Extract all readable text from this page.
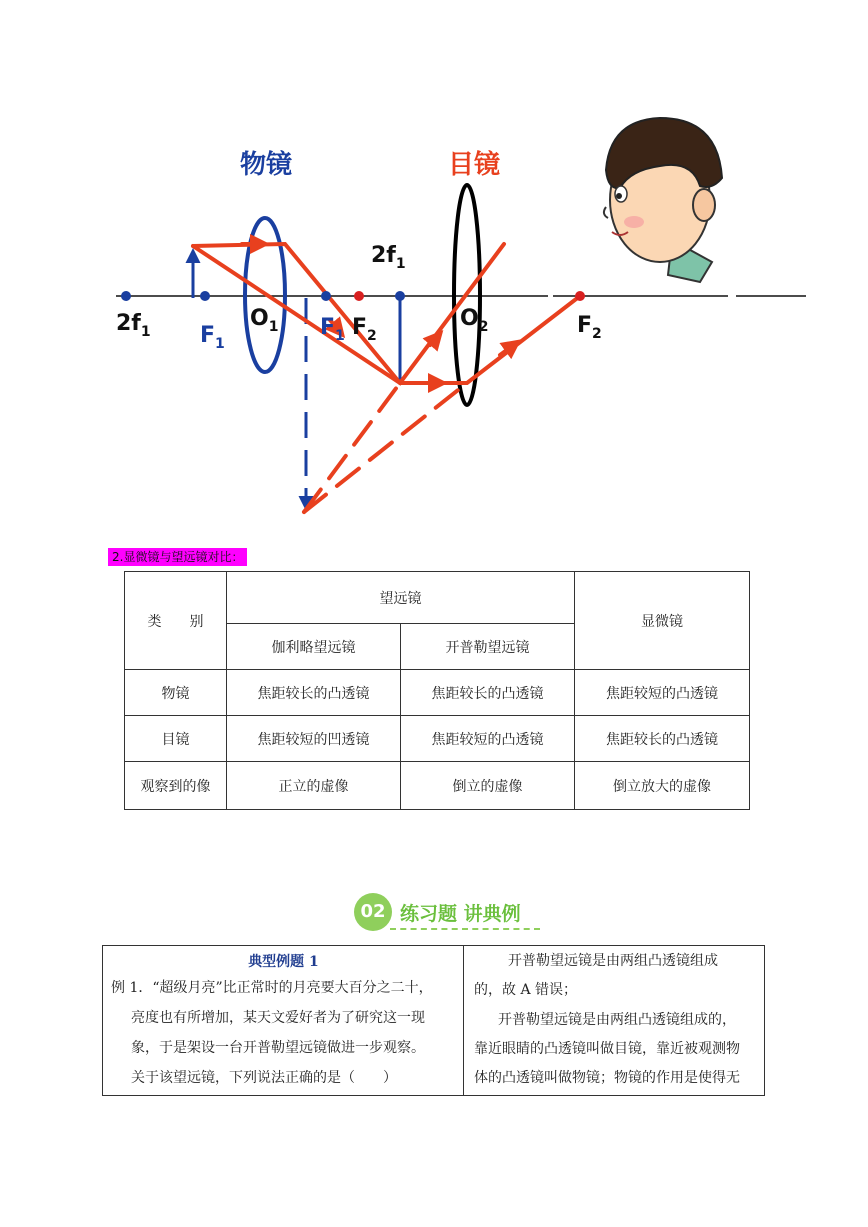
物镜	目镜
$2f_1$ $F_1$
$O_1$ $F_1$ $F_2$
$2f_1$
$O_2$	$F_2$
2.显微镜与望远镜对比：
类　　别	望远镜		显微镜
	伽利略望远镜	开普勒望远镜	
物镜	焦距较长的凸透镜	焦距较长的凸透镜	焦距较短的凸透镜
目镜	焦距较短的凹透镜	焦距较短的凸透镜	焦距较长的凸透镜
观察到的像	正立的虚像	倒立的虚像	倒立放大的虚像
02 练习题 讲典例
典型例题 1
例 1．“超级月亮”比正常时的月亮要大百分之二十，
亮度也有所增加，某天文爱好者为了研究这一现
象，于是架设一台开普勒望远镜做进一步观察。
关于该望远镜，下列说法正确的是（　　）
开普勒望远镜是由两组凸透镜组成
的，故 A 错误；
开普勒望远镜是由两组凸透镜组成的，
靠近眼睛的凸透镜叫做目镜，靠近被观测物
体的凸透镜叫做物镜；物镜的作用是使得无
